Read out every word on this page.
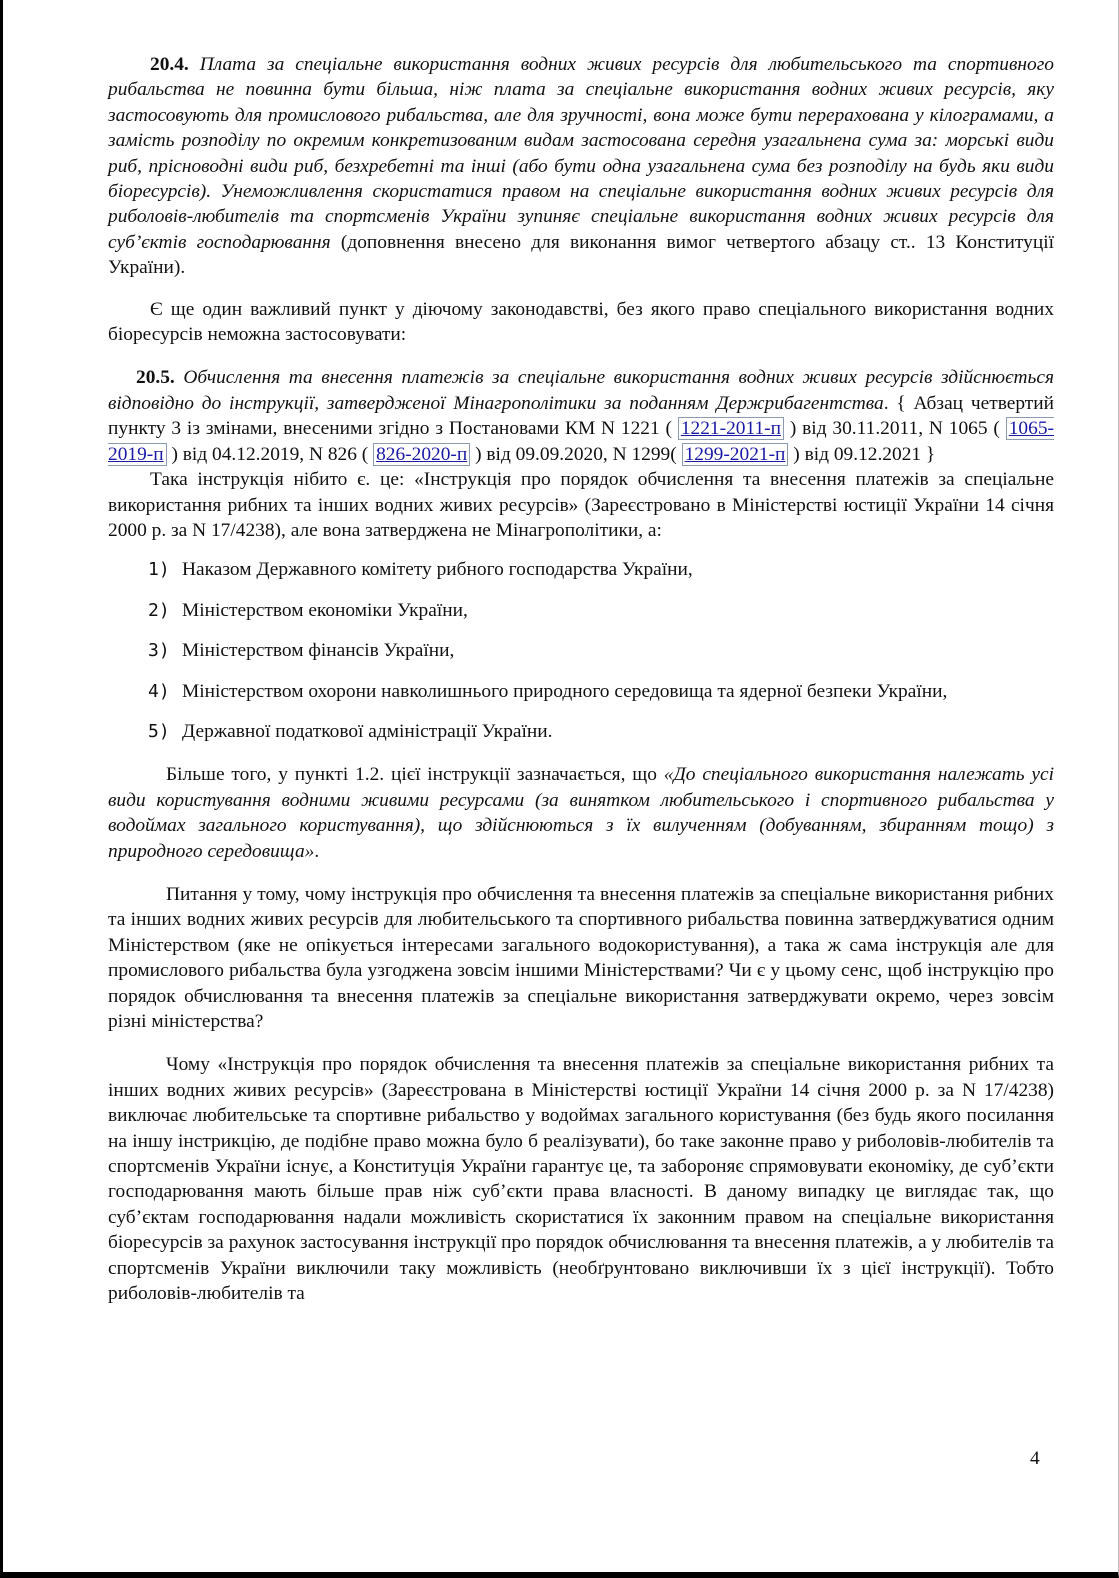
20.4. Плата за спеціальне використання водних живих ресурсів для любительського та спортивного рибальства не повинна бути більша, ніж плата за спеціальне використання водних живих ресурсів, яку застосовують для промислового рибальства, але для зручності, вона може бути перерахована у кілограмами, а замість розподілу по окремим конкретизованим видам застосована середня узагальнена сума за: морські види риб, прісноводні види риб, безхребетні та інші (або бути одна узагальнена сума без розподілу на будь яки види біоресурсів). Унеможливлення скористатися правом на спеціальне використання водних живих ресурсів для риболовів-любителів та спортсменів України зупиняє спеціальне використання водних живих ресурсів для суб’єктів господарювання (доповнення внесено для виконання вимог четвертого абзацу ст.. 13 Конституції України).

Є ще один важливий пункт у діючому законодавстві, без якого право спеціального використання водних біоресурсів неможна застосовувати:

20.5. Обчислення та внесення платежів за спеціальне використання водних живих ресурсів здійснюється відповідно до інструкції, затвердженої Мінагрополітики за поданням Держрибагентства. { Абзац четвертий пункту 3 із змінами, внесеними згідно з Постановами КМ N 1221 ( 1221-2011-п ) від 30.11.2011, N 1065 ( 1065-2019-п ) від 04.12.2019, N 826 ( 826-2020-п ) від 09.09.2020, N 1299( 1299-2021-п ) від 09.12.2021 }

Така інструкція нібито є. це: «Інструкція про порядок обчислення та внесення платежів за спеціальне використання рибних та інших водних живих ресурсів» (Зареєстровано в Міністерстві юстиції України 14 січня 2000 р. за N 17/4238), але вона затверджена не Мінагрополітики, а:

1) Наказом Державного комітету рибного господарства України,
2) Міністерством економіки України,
3) Міністерством фінансів України,
4) Міністерством охорони навколишнього природного середовища та ядерної безпеки України,
5) Державної податкової адміністрації України.

Більше того, у пункті 1.2. цієї інструкції зазначається, що «До спеціального використання належать усі види користування водними живими ресурсами (за винятком любительського і спортивного рибальства у водоймах загального користування), що здійснюються з їх вилученням (добуванням, збиранням тощо) з природного середовища».

Питання у тому, чому інструкція про обчислення та внесення платежів за спеціальне використання рибних та інших водних живих ресурсів для любительського та спортивного рибальства повинна затверджуватися одним Міністерством (яке не опікується інтересами загального водокористування), а така ж сама інструкція але для промислового рибальства була узгоджена зовсім іншими Міністерствами? Чи є у цьому сенс, щоб інструкцію про порядок обчислювання та внесення платежів за спеціальне використання затверджувати окремо, через зовсім різні міністерства?

Чому «Інструкція про порядок обчислення та внесення платежів за спеціальне використання рибних та інших водних живих ресурсів» (Зареєстрована в Міністерстві юстиції України 14 січня 2000 р. за N 17/4238) виключає любительське та спортивне рибальство у водоймах загального користування (без будь якого посилання на іншу інстрикцію, де подібне право можна було б реалізувати), бо таке законне право у риболовів-любителів та спортсменів України існує, а Конституція України гарантує це, та забороняє спрямовувати економіку, де суб’єкти господарювання мають більше прав ніж суб’єкти права власності. В даному випадку це виглядає так, що суб’єктам господарювання надали можливість скористатися їх законним правом на спеціальне використання біоресурсів за рахунок застосування інструкції про порядок обчислювання та внесення платежів, а у любителів та спортсменів України виключили таку можливість (необґрунтовано виключивши їх з цієї інструкції). Тобто риболовів-любителів та

4
